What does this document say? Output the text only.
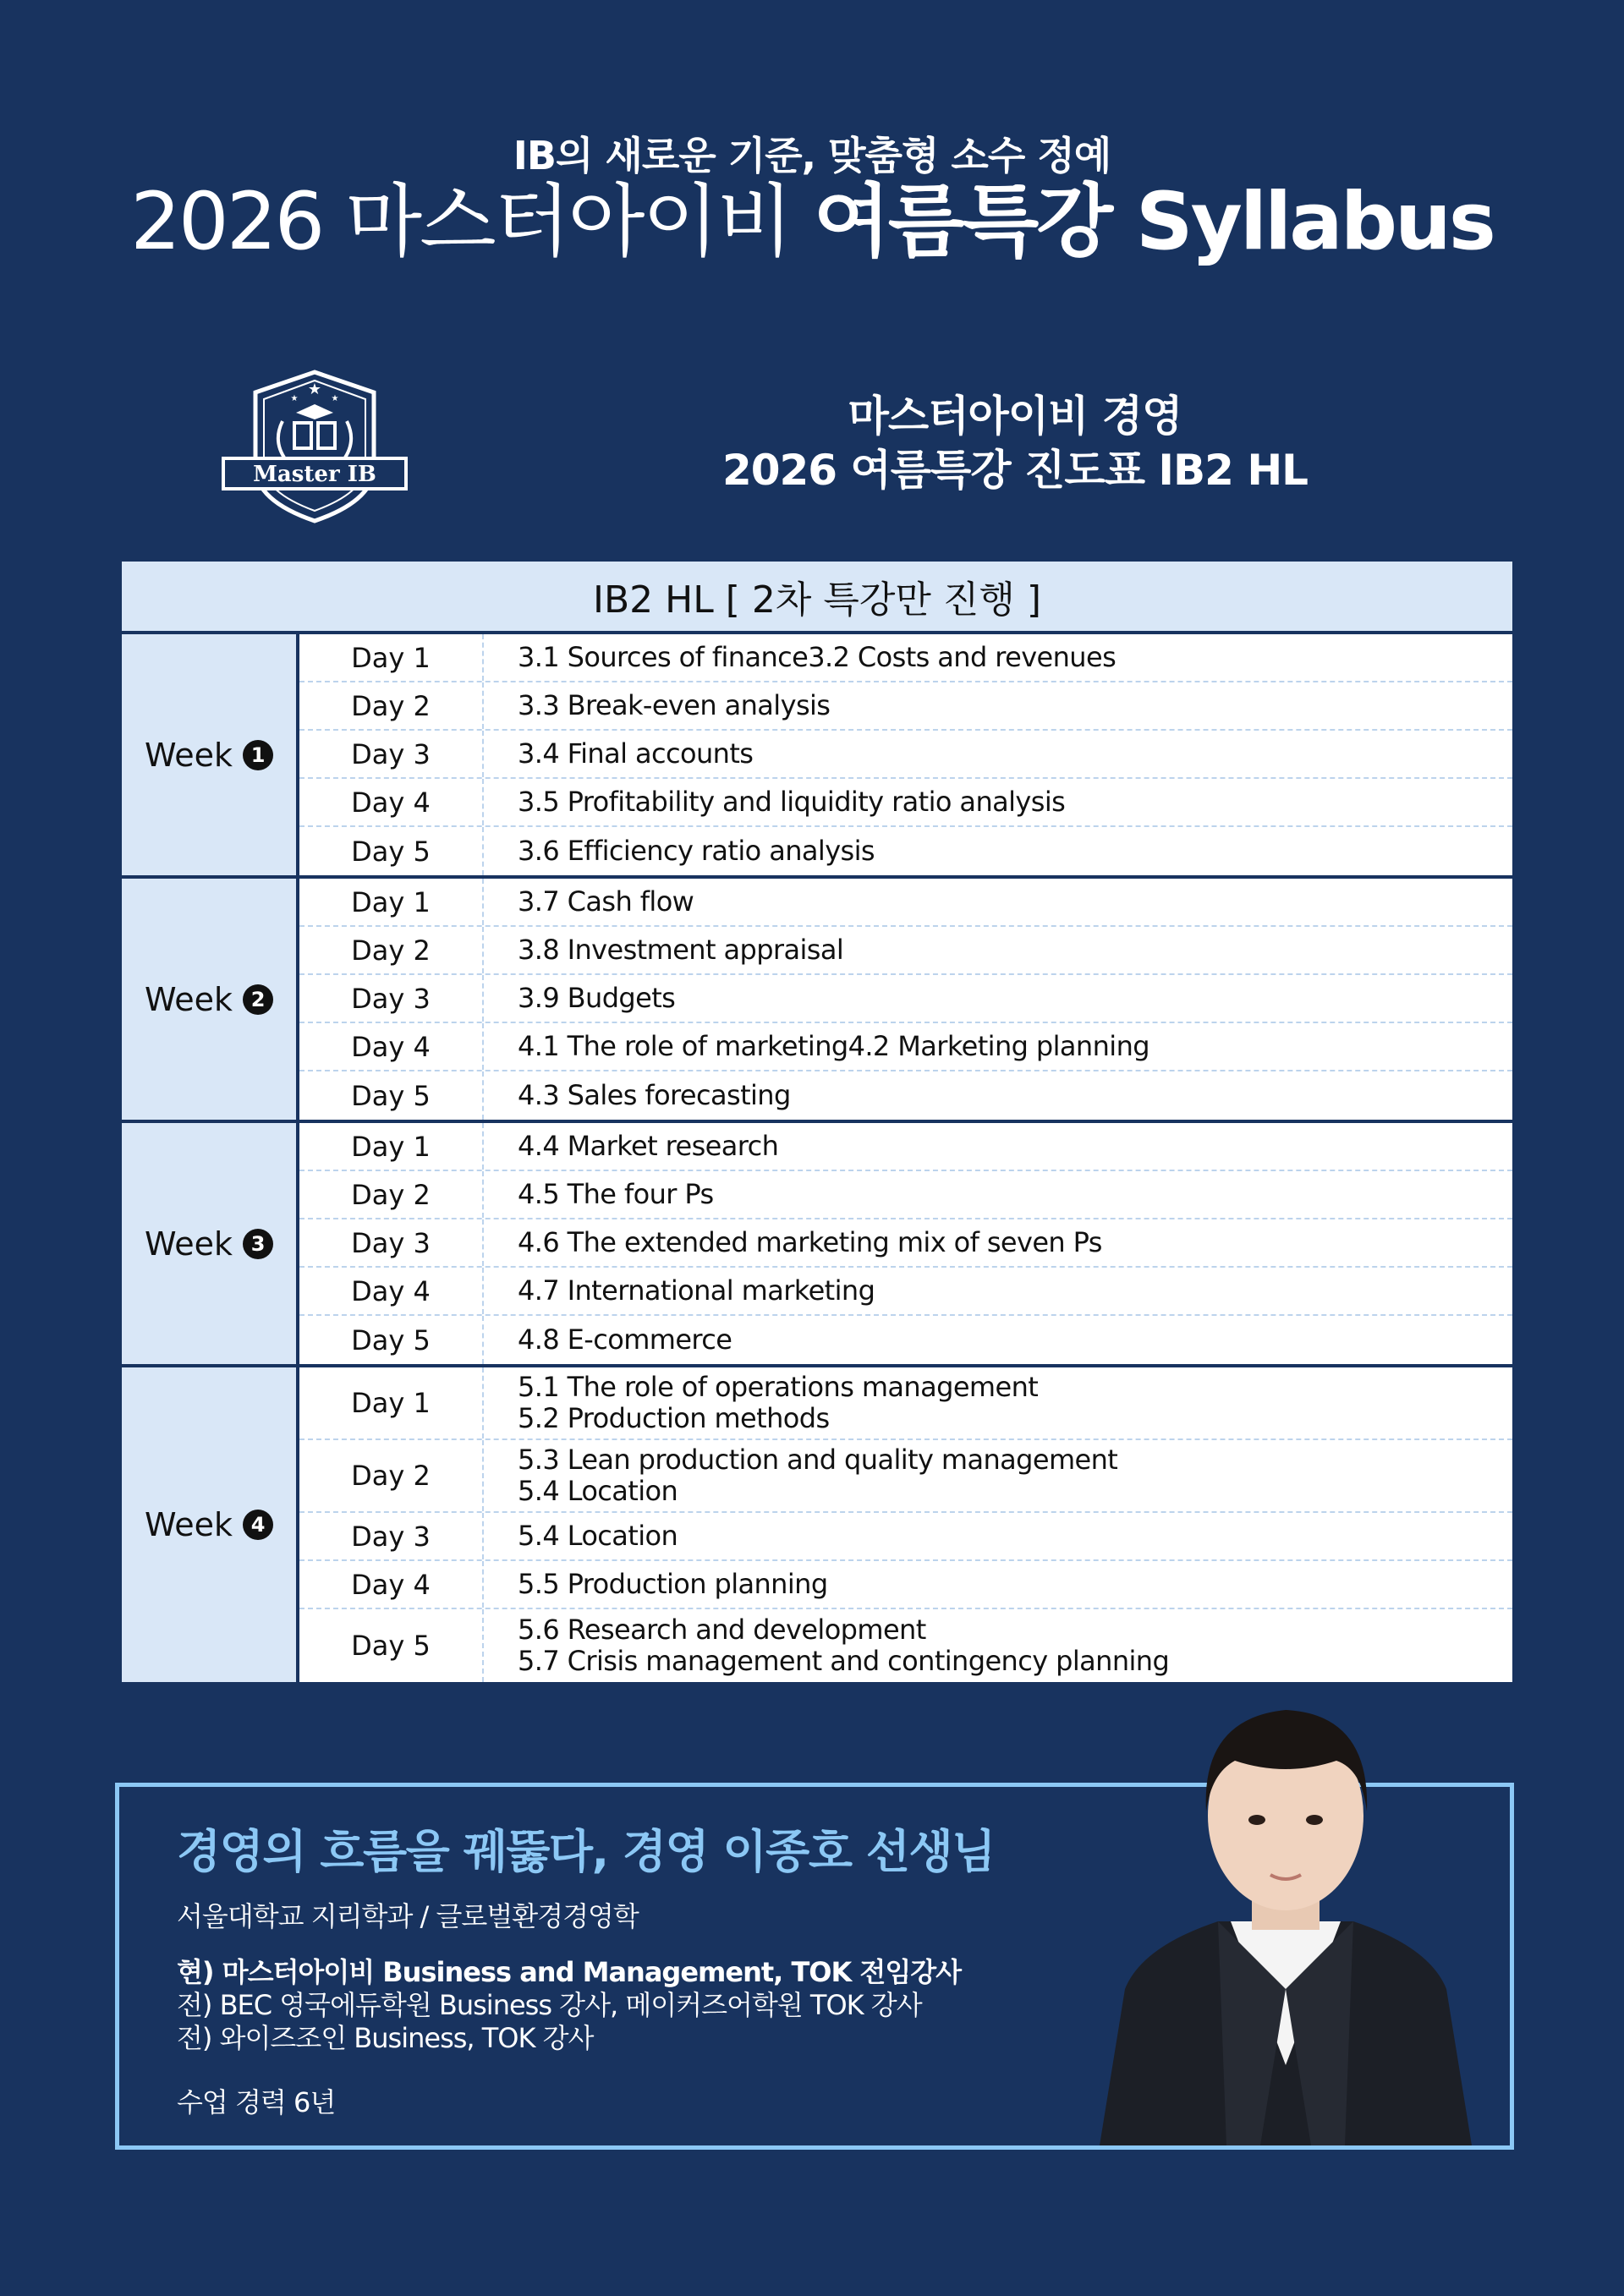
IB의 새로운 기준, 맞춤형 소수 정예
2026 마스터아이비 여름특강 Syllabus
★
★	★
Master IB
마스터아이비 경영
2026 여름특강 진도표 IB2 HL
IB2 HL [ 2차 특강만 진행 ]
Week 1
Day 1	3.1 Sources of finance3.2 Costs and revenues
Day 2	3.3 Break-even analysis
Day 3	3.4 Final accounts
Day 4	3.5 Profitability and liquidity ratio analysis
Day 5	3.6 Efficiency ratio analysis
Week 2
Day 1	3.7 Cash flow
Day 2	3.8 Investment appraisal
Day 3	3.9 Budgets
Day 4	4.1 The role of marketing4.2 Marketing planning
Day 5	4.3 Sales forecasting
Week 3
Day 1	4.4 Market research
Day 2	4.5 The four Ps
Day 3	4.6 The extended marketing mix of seven Ps
Day 4	4.7 International marketing
Day 5	4.8 E-commerce
Week 4
Day 1	5.1 The role of operations management
5.2 Production methods
Day 2	5.3 Lean production and quality management
5.4 Location
Day 3	5.4 Location
Day 4	5.5 Production planning
Day 5	5.6 Research and development
5.7 Crisis management and contingency planning
경영의 흐름을 꿰뚫다, 경영 이종호 선생님
서울대학교 지리학과 / 글로벌환경경영학
현) 마스터아이비 Business and Management, TOK 전임강사
전) BEC 영국에듀학원 Business 강사, 메이커즈어학원 TOK 강사
전) 와이즈조인 Business, TOK 강사
수업 경력 6년
